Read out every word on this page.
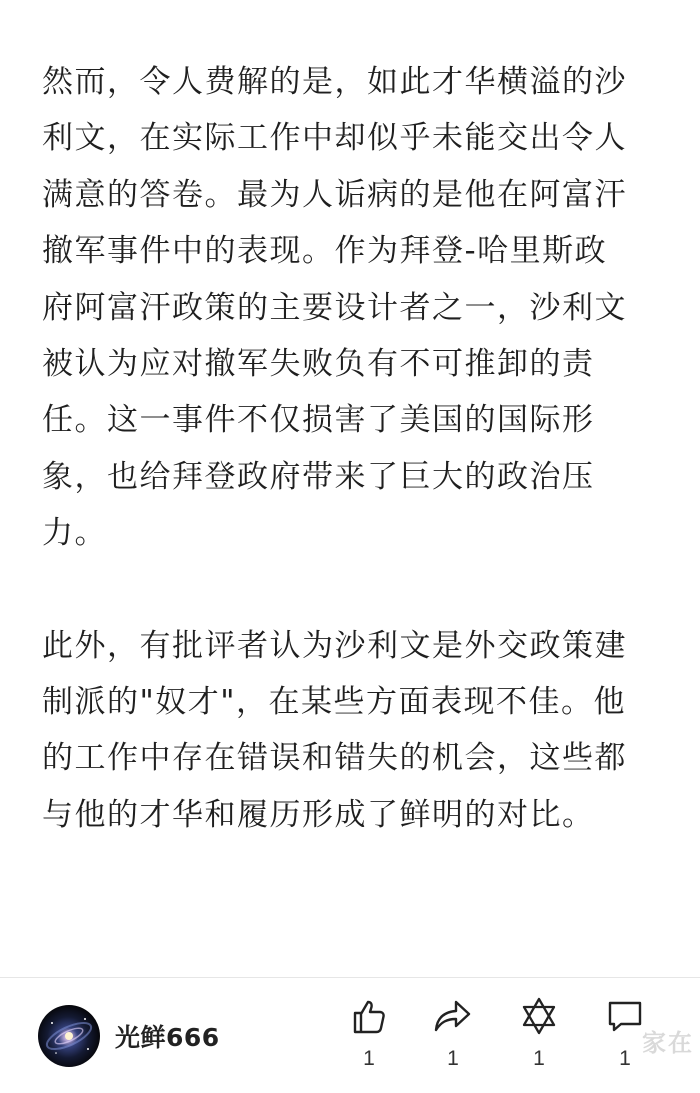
然而，令人费解的是，如此才华横溢的沙
利文，在实际工作中却似乎未能交出令人
满意的答卷。最为人诟病的是他在阿富汗
撤军事件中的表现。作为拜登-哈里斯政
府阿富汗政策的主要设计者之一，沙利文
被认为应对撤军失败负有不可推卸的责
任。这一事件不仅损害了美国的国际形
象，也给拜登政府带来了巨大的政治压
力。

此外，有批评者认为沙利文是外交政策建
制派的"奴才"，在某些方面表现不佳。他
的工作中存在错误和错失的机会，这些都
与他的才华和履历形成了鲜明的对比。

光鲜666
1	1	1	1
家在
